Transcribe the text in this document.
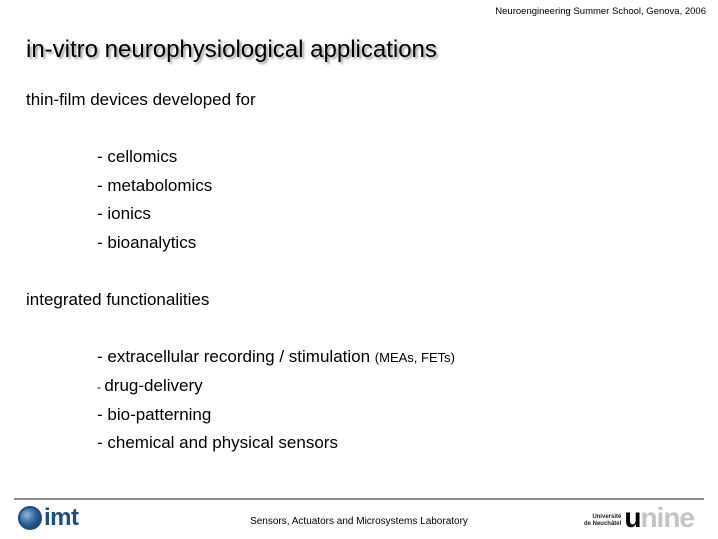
Neuroengineering Summer School, Genova, 2006
in-vitro neurophysiological applications

thin-film devices developed for

- cellomics
- metabolomics
- ionics
- bioanalytics

integrated functionalities

- extracellular recording / stimulation (MEAs, FETs)
- drug-delivery
- bio-patterning
- chemical and physical sensors
imt	Sensors, Actuators and Microsystems Laboratory	Université
de Neuchâtel unine
